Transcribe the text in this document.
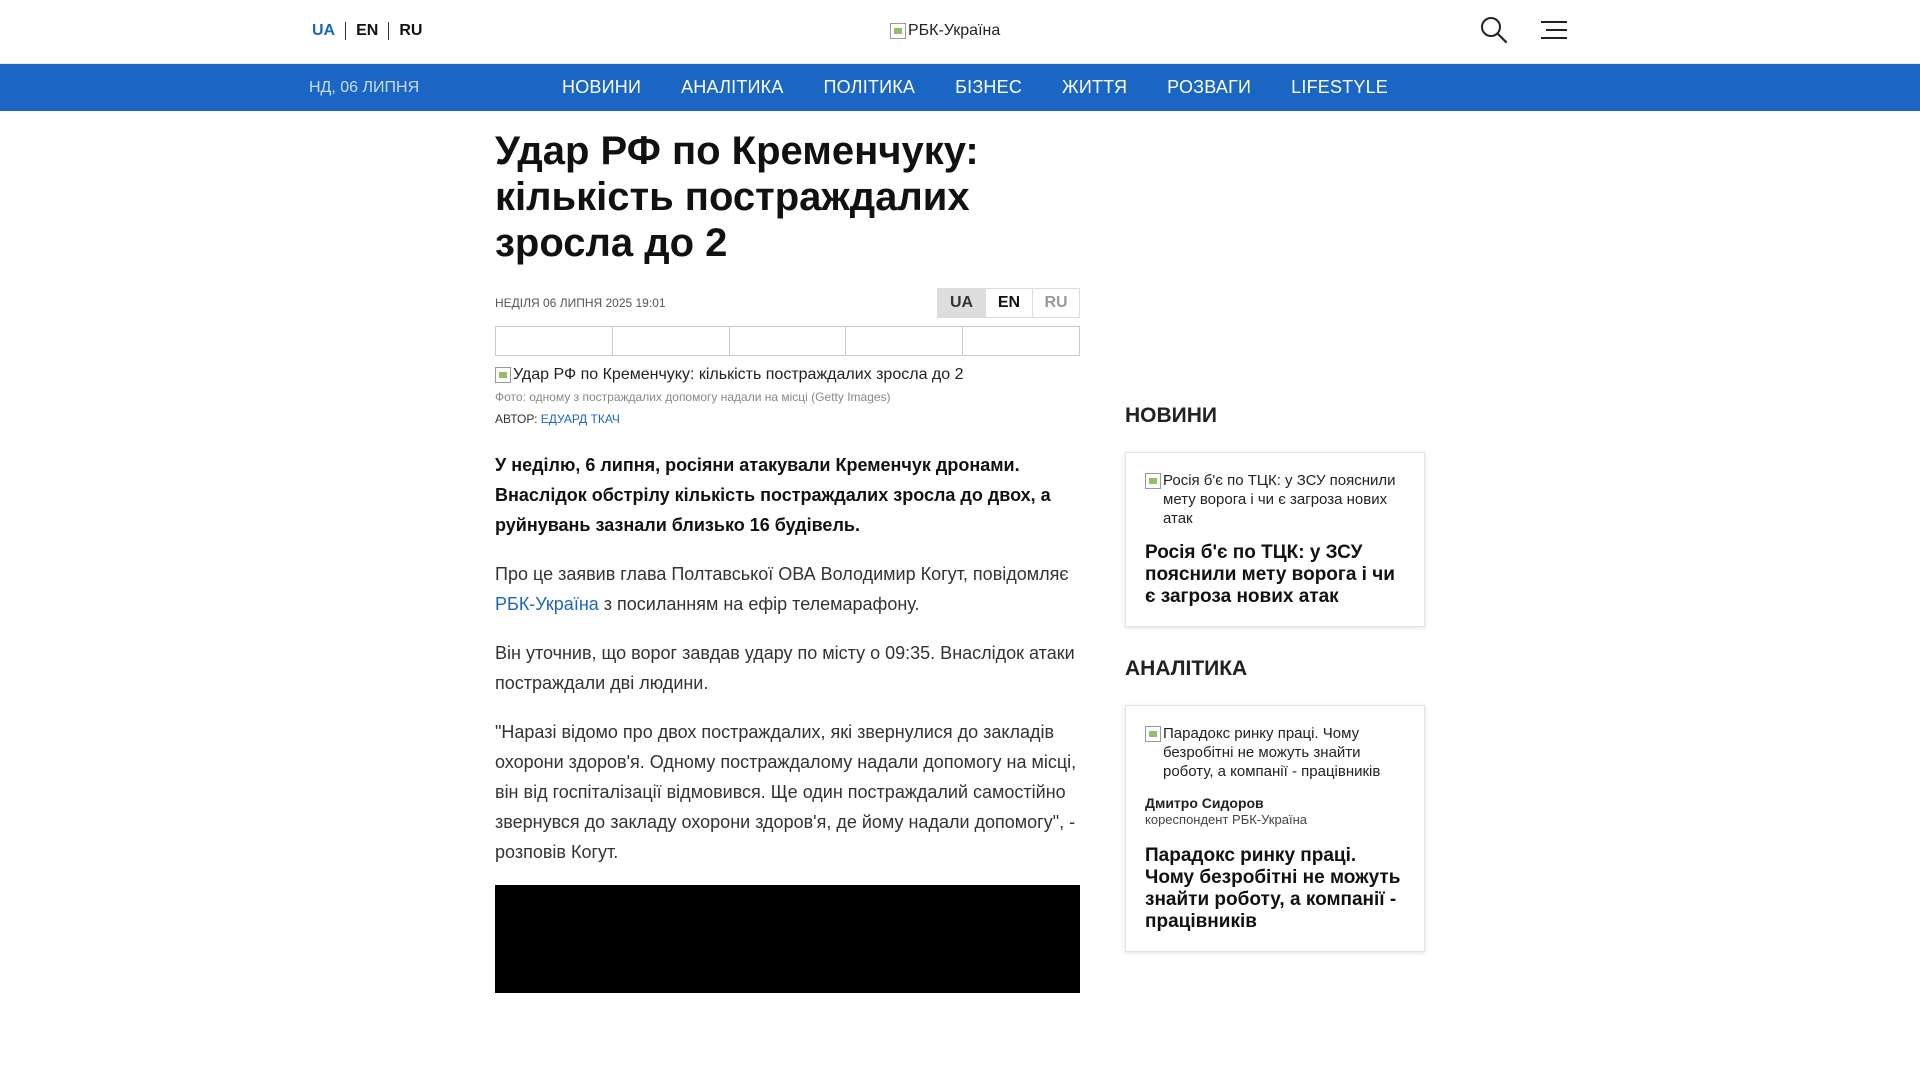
UA	EN	RU	РБК-Україна
НД, 06 ЛИПНЯ	НОВИНИ АНАЛІТИКА ПОЛІТИКА БІЗНЕС ЖИТТЯ РОЗВАГИ LIFESTYLE
Удар РФ по Кременчуку: кількість постраждалих зросла до 2
НЕДІЛЯ 06 ЛИПНЯ 2025 19:01	UA	EN	RU
Удар РФ по Кременчуку: кількість постраждалих зросла до 2

Фото: одному з постраждалих допомогу надали на місці (Getty Images)

АВТОР: ЕДУАРД ТКАЧ

У неділю, 6 липня, росіяни атакували Кременчук дронами. Внаслідок обстрілу кількість постраждалих зросла до двох, а руйнувань зазнали близько 16 будівель.

Про це заявив глава Полтавської ОВА Володимир Когут, повідомляє РБК-Україна з посиланням на ефір телемарафону.

Він уточнив, що ворог завдав удару по місту о 09:35. Внаслідок атаки постраждали дві людини.

"Наразі відомо про двох постраждалих, які звернулися до закладів охорони здоров'я. Одному постраждалому надали допомогу на місці, він від госпіталізації відмовився. Ще один постраждалий самостійно звернувся до закладу охорони здоров'я, де йому надали допомогу", - розповів Когут.

НОВИНИ
Росія б'є по ТЦК: у ЗСУ пояснили мету ворога і чи є загроза нових атак
Росія б'є по ТЦК: у ЗСУ пояснили мету ворога і чи є загроза нових атак
АНАЛІТИКА
Парадокс ринку праці. Чому безробітні не можуть знайти роботу, а компанії - працівників
Дмитро Сидоров
кореспондент РБК-Україна
Парадокс ринку праці. Чому безробітні не можуть знайти роботу, а компанії - працівників
